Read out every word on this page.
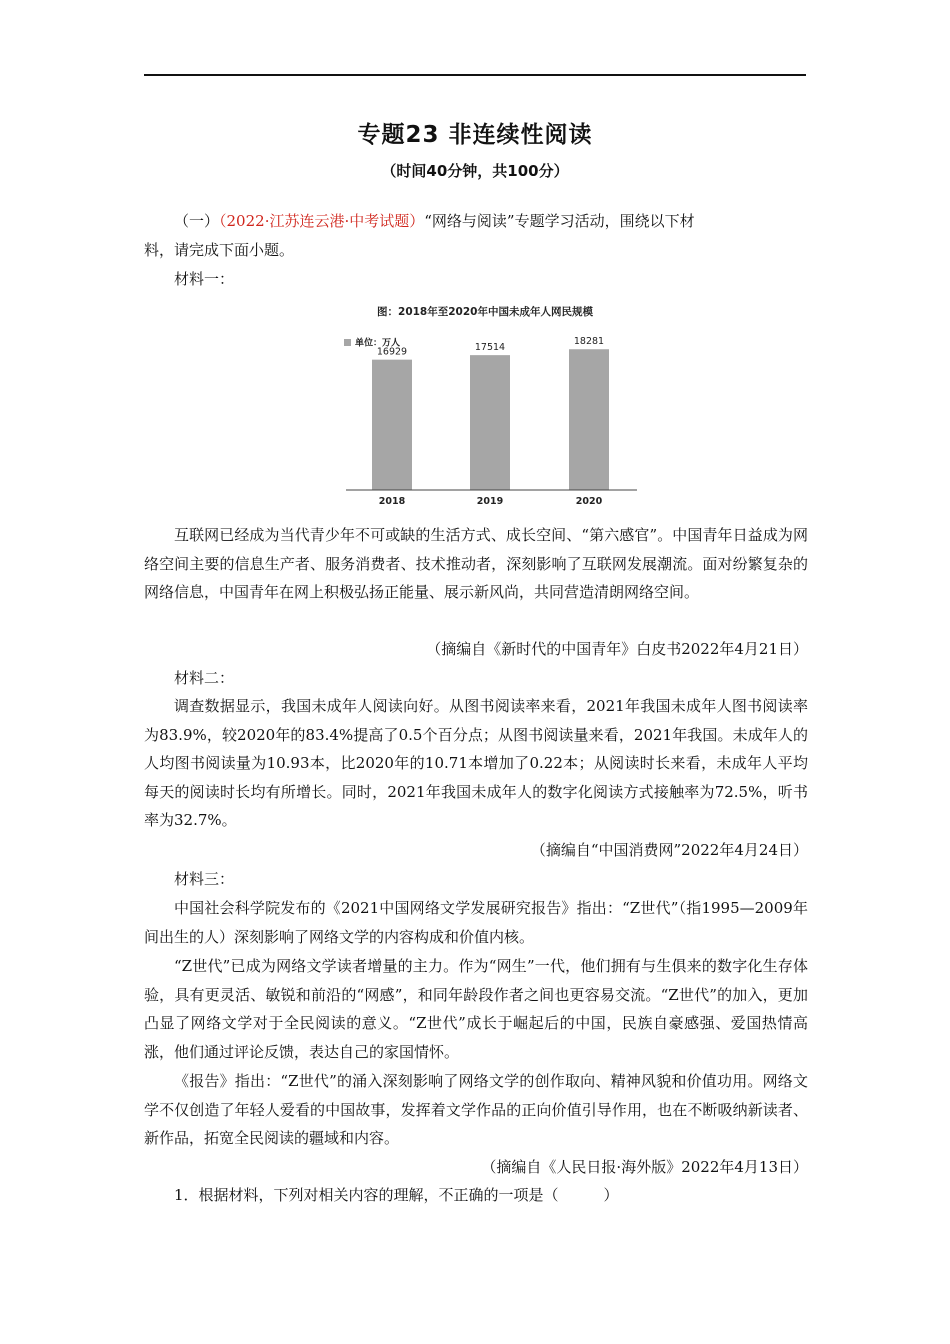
专题23 非连续性阅读
（时间40分钟，共100分）

（一）（2022·江苏连云港·中考试题）“网络与阅读”专题学习活动，围绕以下材
料，请完成下面小题。

材料一：

图：2018年至2020年中国未成年人网民规模
单位：万人
16929
2018
17514
2019
18281
2020

互联网已经成为当代青少年不可或缺的生活方式、成长空间、“第六感官”。中国青年日益成为网络空间主要的信息生产者、服务消费者、技术推动者，深刻影响了互联网发展潮流。面对纷繁复杂的网络信息，中国青年在网上积极弘扬正能量、展示新风尚，共同营造清朗网络空间。

（摘编自《新时代的中国青年》白皮书2022年4月21日）

材料二：

调查数据显示，我国未成年人阅读向好。从图书阅读率来看，2021年我国未成年人图书阅读率为83.9%，较2020年的83.4%提高了0.5个百分点；从图书阅读量来看，2021年我国。未成年人的人均图书阅读量为10.93本，比2020年的10.71本增加了0.22本；从阅读时长来看，未成年人平均每天的阅读时长均有所增长。同时，2021年我国未成年人的数字化阅读方式接触率为72.5%，听书率为32.7%。

（摘编自“中国消费网”2022年4月24日）

材料三：

中国社会科学院发布的《2021中国网络文学发展研究报告》指出：“Z世代”（指1995—2009年间出生的人）深刻影响了网络文学的内容构成和价值内核。

“Z世代”已成为网络文学读者增量的主力。作为“网生”一代，他们拥有与生俱来的数字化生存体验，具有更灵活、敏锐和前沿的“网感”，和同年龄段作者之间也更容易交流。“Z世代”的加入，更加凸显了网络文学对于全民阅读的意义。“Z世代”成长于崛起后的中国，民族自豪感强、爱国热情高涨，他们通过评论反馈，表达自己的家国情怀。

《报告》指出：“Z世代”的涌入深刻影响了网络文学的创作取向、精神风貌和价值功用。网络文学不仅创造了年轻人爱看的中国故事，发挥着文学作品的正向价值引导作用，也在不断吸纳新读者、新作品，拓宽全民阅读的疆域和内容。

（摘编自《人民日报·海外版》2022年4月13日）

1．根据材料，下列对相关内容的理解，不正确的一项是（　　　）
